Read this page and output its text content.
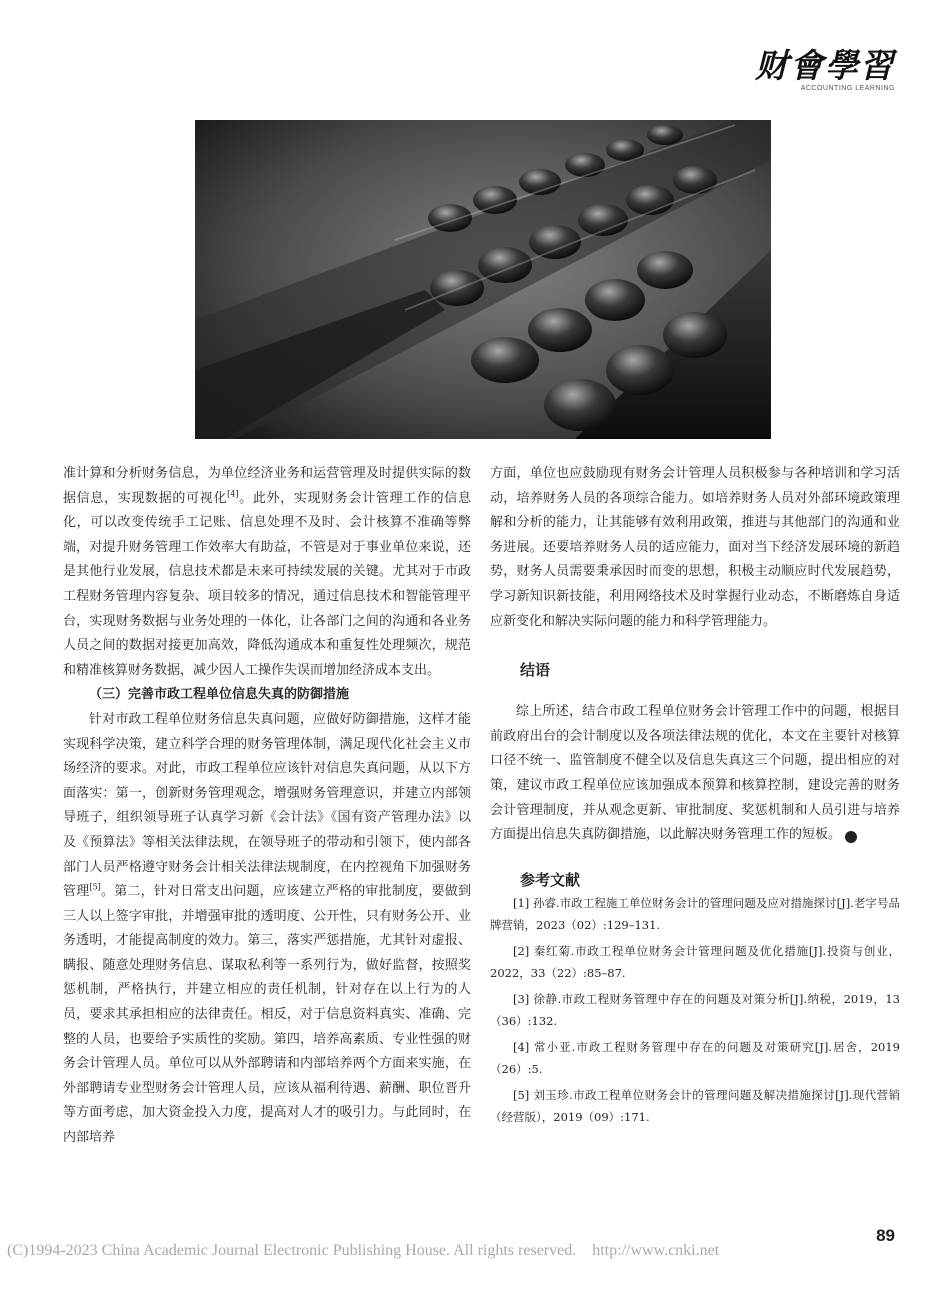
财會學習
ACCOUNTING LEARNING

准计算和分析财务信息，为单位经济业务和运营管理及时提供实际的数据信息，实现数据的可视化[4]。此外，实现财务会计管理工作的信息化，可以改变传统手工记账、信息处理不及时、会计核算不准确等弊端，对提升财务管理工作效率大有助益，不管是对于事业单位来说，还是其他行业发展，信息技术都是未来可持续发展的关键。尤其对于市政工程财务管理内容复杂、项目较多的情况，通过信息技术和智能管理平台，实现财务数据与业务处理的一体化，让各部门之间的沟通和各业务人员之间的数据对接更加高效，降低沟通成本和重复性处理频次，规范和精准核算财务数据，减少因人工操作失误而增加经济成本支出。

（三）完善市政工程单位信息失真的防御措施

针对市政工程单位财务信息失真问题，应做好防御措施，这样才能实现科学决策，建立科学合理的财务管理体制，满足现代化社会主义市场经济的要求。对此，市政工程单位应该针对信息失真问题，从以下方面落实：第一，创新财务管理观念，增强财务管理意识，并建立内部领导班子，组织领导班子认真学习新《会计法》《国有资产管理办法》以及《预算法》等相关法律法规，在领导班子的带动和引领下，使内部各部门人员严格遵守财务会计相关法律法规制度，在内控视角下加强财务管理[5]。第二，针对日常支出问题，应该建立严格的审批制度，要做到三人以上签字审批，并增强审批的透明度、公开性，只有财务公开、业务透明，才能提高制度的效力。第三，落实严惩措施，尤其针对虚报、瞒报、随意处理财务信息、谋取私利等一系列行为，做好监督，按照奖惩机制，严格执行，并建立相应的责任机制，针对存在以上行为的人员，要求其承担相应的法律责任。相反，对于信息资料真实、准确、完整的人员，也要给予实质性的奖励。第四，培养高素质、专业性强的财务会计管理人员。单位可以从外部聘请和内部培养两个方面来实施，在外部聘请专业型财务会计管理人员，应该从福利待遇、薪酬、职位晋升等方面考虑，加大资金投入力度，提高对人才的吸引力。与此同时，在内部培养

方面，单位也应鼓励现有财务会计管理人员积极参与各种培训和学习活动，培养财务人员的各项综合能力。如培养财务人员对外部环境政策理解和分析的能力，让其能够有效利用政策，推进与其他部门的沟通和业务进展。还要培养财务人员的适应能力，面对当下经济发展环境的新趋势，财务人员需要秉承因时而变的思想，积极主动顺应时代发展趋势，学习新知识新技能，利用网络技术及时掌握行业动态，不断磨炼自身适应新变化和解决实际问题的能力和科学管理能力。

结语

综上所述，结合市政工程单位财务会计管理工作中的问题，根据目前政府出台的会计制度以及各项法律法规的优化，本文在主要针对核算口径不统一、监管制度不健全以及信息失真这三个问题，提出相应的对策，建议市政工程单位应该加强成本预算和核算控制，建设完善的财务会计管理制度，并从观念更新、审批制度、奖惩机制和人员引进与培养方面提出信息失真防御措施，以此解决财务管理工作的短板。	W

参考文献

[1] 孙睿.市政工程施工单位财务会计的管理问题及应对措施探讨[J].老字号品牌营销，2023（02）:129–131.

[2] 秦红菊.市政工程单位财务会计管理问题及优化措施[J].投资与创业，2022，33（22）:85–87.

[3] 徐静.市政工程财务管理中存在的问题及对策分析[J].纳税，2019，13（36）:132.

[4] 常小亚.市政工程财务管理中存在的问题及对策研究[J].居舍，2019（26）:5.

[5] 刘玉珍.市政工程单位财务会计的管理问题及解决措施探讨[J].现代营销（经营版），2019（09）:171.

89
(C)1994-2023 China Academic Journal Electronic Publishing House. All rights reserved.    http://www.cnki.net
